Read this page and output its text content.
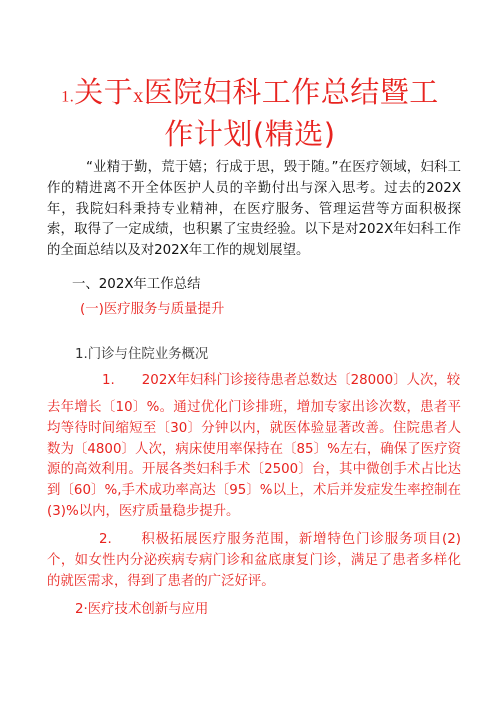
1.关于x医院妇科工作总结暨工
作计划(精选)

“业精于勤，荒于嬉；行成于思，毁于随。”在医疗领域，妇科工作的精进离不开全体医护人员的辛勤付出与深入思考。过去的202X年，我院妇科秉持专业精神，在医疗服务、管理运营等方面积极探索，取得了一定成绩，也积累了宝贵经验。以下是对202X年妇科工作的全面总结以及对202X年工作的规划展望。

一、202X年工作总结
(一)医疗服务与质量提升
1.门诊与住院业务概况
1. 202X年妇科门诊接待患者总数达〔28000〕人次，较

去年增长〔10〕%。通过优化门诊排班，增加专家出诊次数，患者平均等待时间缩短至〔30〕分钟以内，就医体验显著改善。住院患者人数为〔4800〕人次，病床使用率保持在〔85〕%左右，确保了医疗资源的高效利用。开展各类妇科手术〔2500〕台，其中微创手术占比达到〔60〕%,手术成功率高达〔95〕%以上，术后并发症发生率控制在(3)%以内，医疗质量稳步提升。

2.　　积极拓展医疗服务范围，新增特色门诊服务项目(2)个，如女性内分泌疾病专病门诊和盆底康复门诊，满足了患者多样化的就医需求，得到了患者的广泛好评。

2·医疗技术创新与应用
